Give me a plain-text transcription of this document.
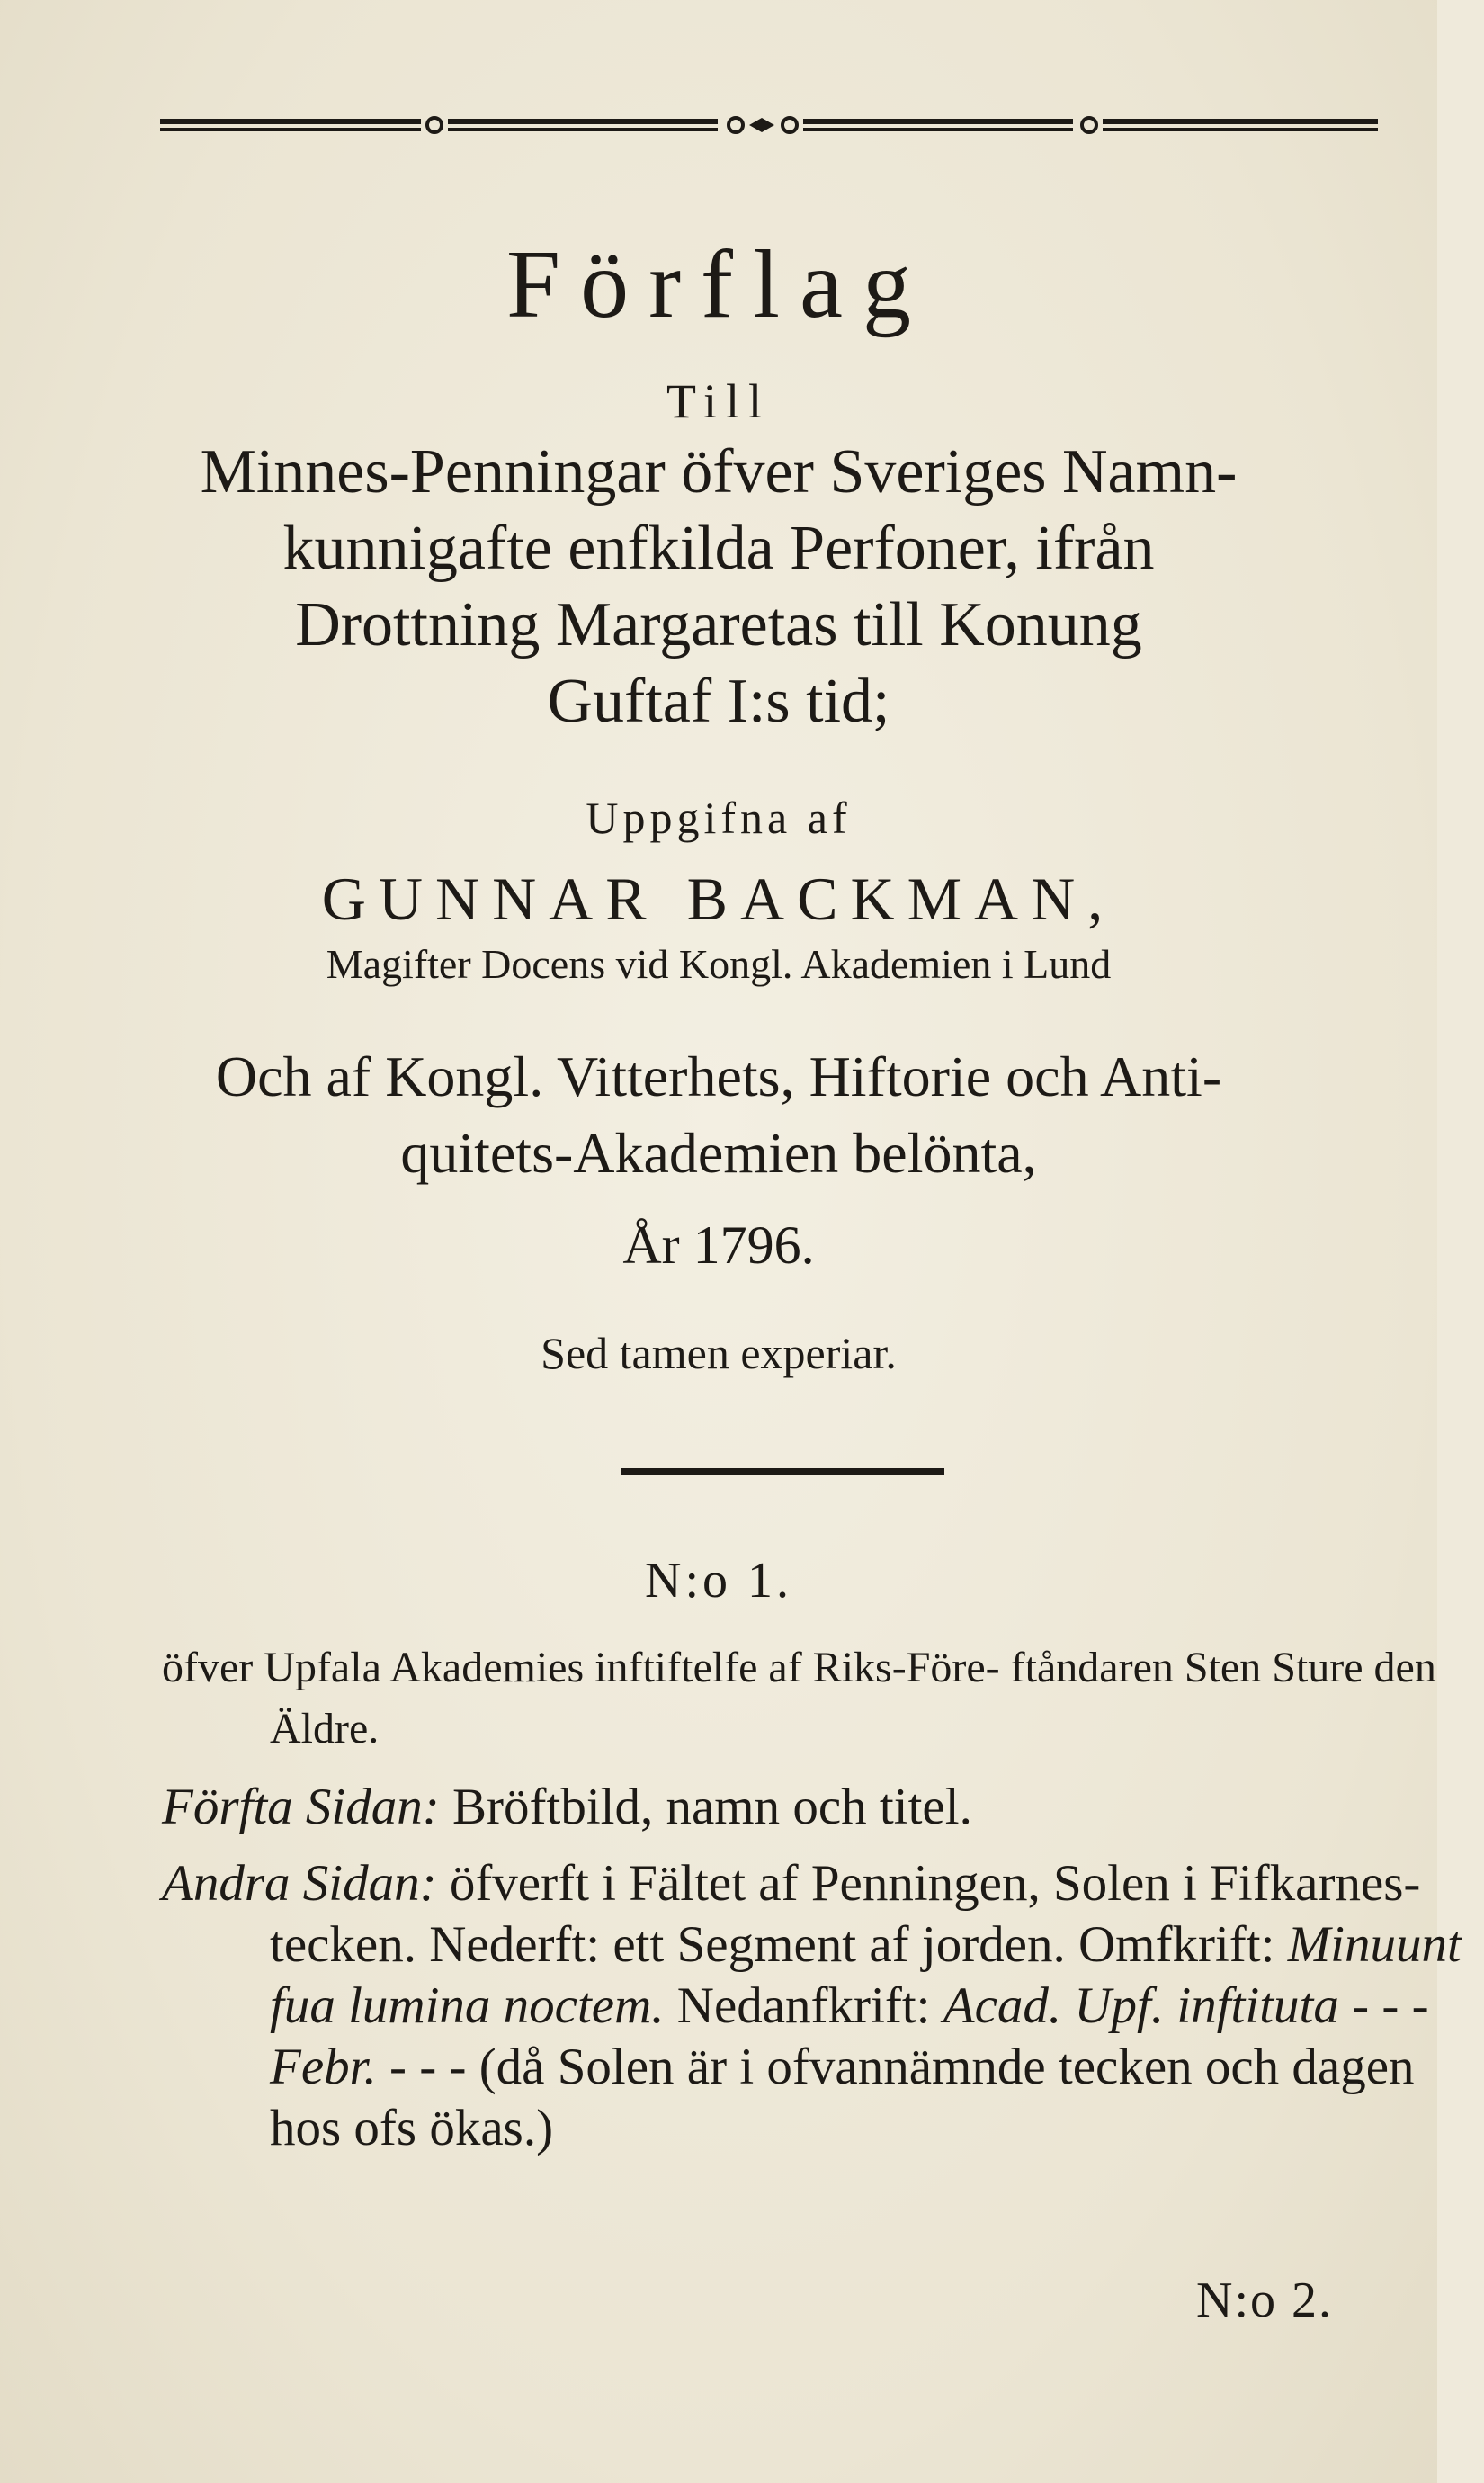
Förflag
Till
Minnes-Penningar öfver Sveriges Namn-
kunnigafte enfkilda Perfoner, ifrån
Drottning Margaretas till Konung
Guftaf I:s tid;
Uppgifna af
GUNNAR BACKMAN,
Magifter Docens vid Kongl. Akademien i Lund
Och af Kongl. Vitterhets, Hiftorie och Anti-
quitets-Akademien belönta,
År 1796.
Sed tamen experiar.
N:o 1.
öfver Upfala Akademies inftiftelfe af Riks-Före- ftåndaren Sten Sture den Äldre.
Förfta Sidan: Bröftbild, namn och titel.
Andra Sidan: öfverft i Fältet af Penningen, Solen i Fifkarnes-tecken. Nederft: ett Segment af jorden. Omfkrift: Minuunt fua lumina noctem. Nedanfkrift: Acad. Upf. inftituta - - - Febr. - - - (då Solen är i ofvannämnde tecken och dagen hos ofs ökas.)
N:o 2.
